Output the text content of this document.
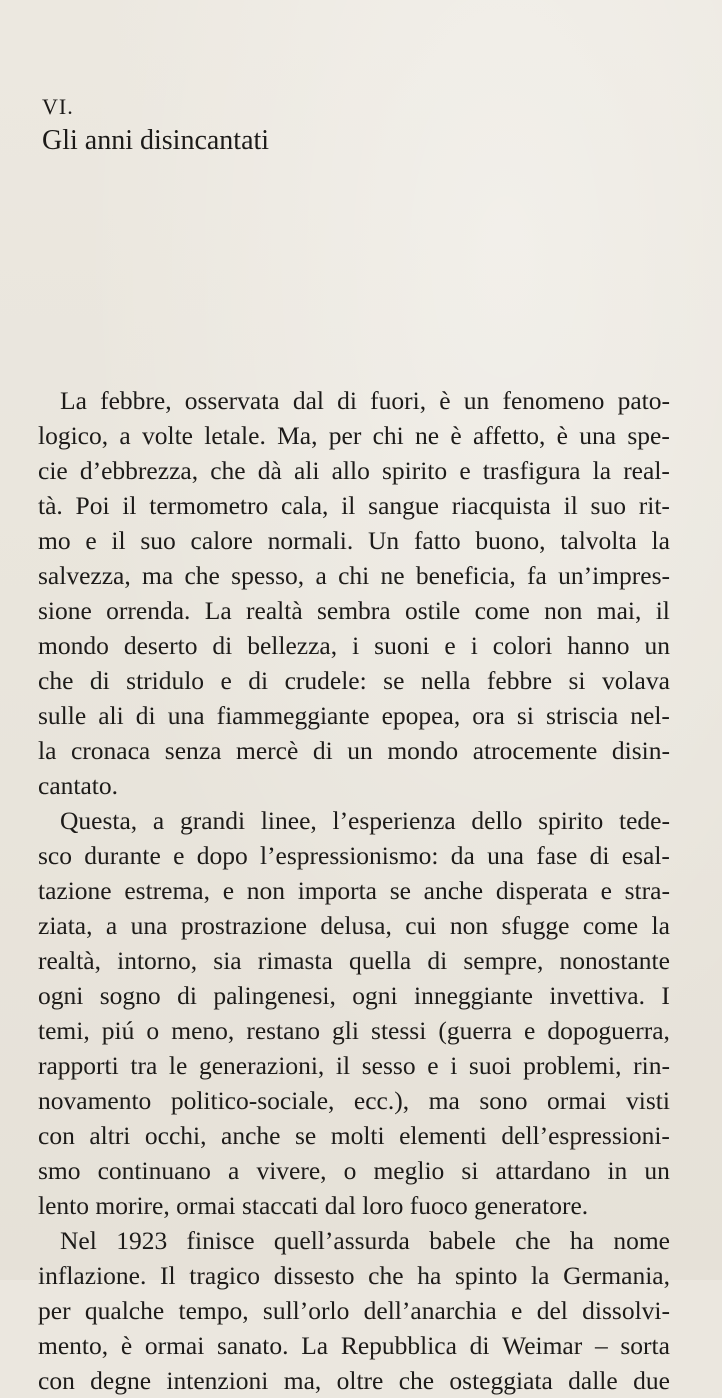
VI.
Gli anni disincantati
La febbre, osservata dal di fuori, è un fenomeno pato-
logico, a volte letale. Ma, per chi ne è affetto, è una spe-
cie d’ebbrezza, che dà ali allo spirito e trasfigura la real-
tà. Poi il termometro cala, il sangue riacquista il suo rit-
mo e il suo calore normali. Un fatto buono, talvolta la
salvezza, ma che spesso, a chi ne beneficia, fa un’impres-
sione orrenda. La realtà sembra ostile come non mai, il
mondo deserto di bellezza, i suoni e i colori hanno un
che di stridulo e di crudele: se nella febbre si volava
sulle ali di una fiammeggiante epopea, ora si striscia nel-
la cronaca senza mercè di un mondo atrocemente disin-
cantato.
Questa, a grandi linee, l’esperienza dello spirito tede-
sco durante e dopo l’espressionismo: da una fase di esal-
tazione estrema, e non importa se anche disperata e stra-
ziata, a una prostrazione delusa, cui non sfugge come la
realtà, intorno, sia rimasta quella di sempre, nonostante
ogni sogno di palingenesi, ogni inneggiante invettiva. I
temi, piú o meno, restano gli stessi (guerra e dopoguerra,
rapporti tra le generazioni, il sesso e i suoi problemi, rin-
novamento politico-sociale, ecc.), ma sono ormai visti
con altri occhi, anche se molti elementi dell’espressioni-
smo continuano a vivere, o meglio si attardano in un
lento morire, ormai staccati dal loro fuoco generatore.
Nel 1923 finisce quell’assurda babele che ha nome
inflazione. Il tragico dissesto che ha spinto la Germania,
per qualche tempo, sull’orlo dell’anarchia e del dissolvi-
mento, è ormai sanato. La Repubblica di Weimar – sorta
con degne intenzioni ma, oltre che osteggiata dalle due
